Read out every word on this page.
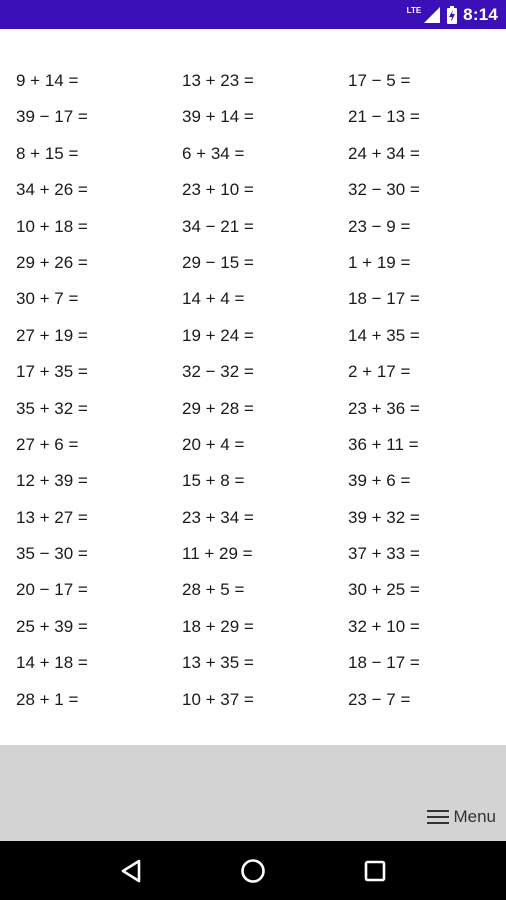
LTE 8:14
9 + 14 =	13 + 23 =	17 − 5 =
39 − 17 =	39 + 14 =	21 − 13 =
8 + 15 =	6 + 34 =	24 + 34 =
34 + 26 =	23 + 10 =	32 − 30 =
10 + 18 =	34 − 21 =	23 − 9 =
29 + 26 =	29 − 15 =	1 + 19 =
30 + 7 =	14 + 4 =	18 − 17 =
27 + 19 =	19 + 24 =	14 + 35 =
17 + 35 =	32 − 32 =	2 + 17 =
35 + 32 =	29 + 28 =	23 + 36 =
27 + 6 =	20 + 4 =	36 + 11 =
12 + 39 =	15 + 8 =	39 + 6 =
13 + 27 =	23 + 34 =	39 + 32 =
35 − 30 =	11 + 29 =	37 + 33 =
20 − 17 =	28 + 5 =	30 + 25 =
25 + 39 =	18 + 29 =	32 + 10 =
14 + 18 =	13 + 35 =	18 − 17 =
28 + 1 =	10 + 37 =	23 − 7 =
Menu
